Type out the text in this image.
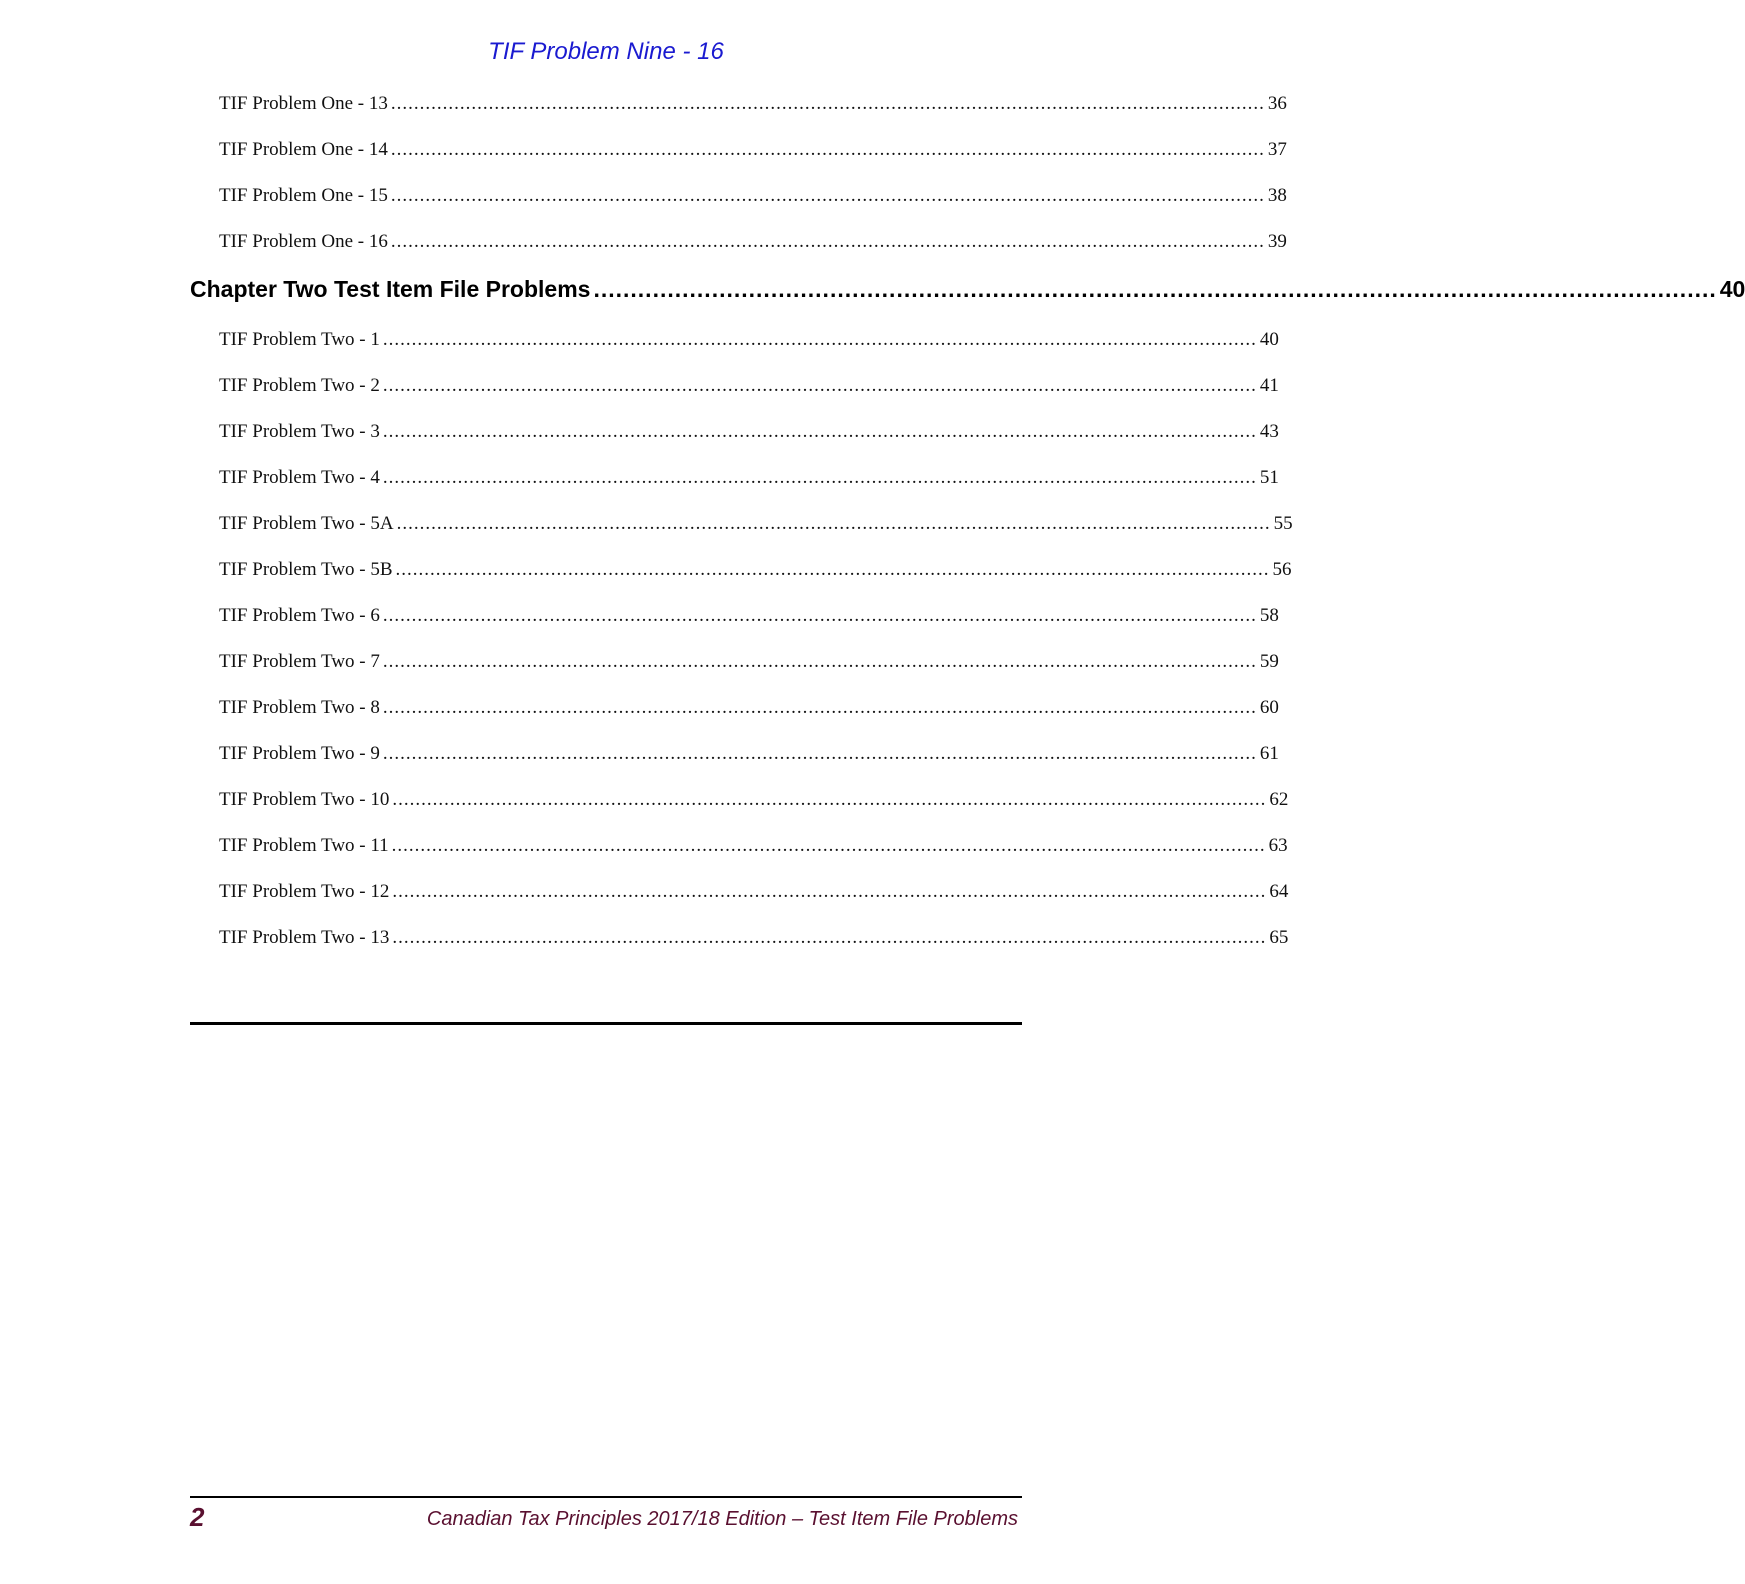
TIF Problem Nine - 16
TIF Problem One - 13 ........................................................................................................................................................ 36
TIF Problem One - 14 ........................................................................................................................................................ 37
TIF Problem One - 15 ........................................................................................................................................................ 38
TIF Problem One - 16 ........................................................................................................................................................ 39
Chapter Two Test Item File Problems ........................................................................................................................................................ 40
TIF Problem Two - 1 ........................................................................................................................................................ 40
TIF Problem Two - 2 ........................................................................................................................................................ 41
TIF Problem Two - 3 ........................................................................................................................................................ 43
TIF Problem Two - 4 ........................................................................................................................................................ 51
TIF Problem Two - 5A ........................................................................................................................................................ 55
TIF Problem Two - 5B ........................................................................................................................................................ 56
TIF Problem Two - 6 ........................................................................................................................................................ 58
TIF Problem Two - 7 ........................................................................................................................................................ 59
TIF Problem Two - 8 ........................................................................................................................................................ 60
TIF Problem Two - 9 ........................................................................................................................................................ 61
TIF Problem Two - 10 ........................................................................................................................................................ 62
TIF Problem Two - 11 ........................................................................................................................................................ 63
TIF Problem Two - 12 ........................................................................................................................................................ 64
TIF Problem Two - 13 ........................................................................................................................................................ 65
2	Canadian Tax Principles 2017/18 Edition – Test Item File Problems
